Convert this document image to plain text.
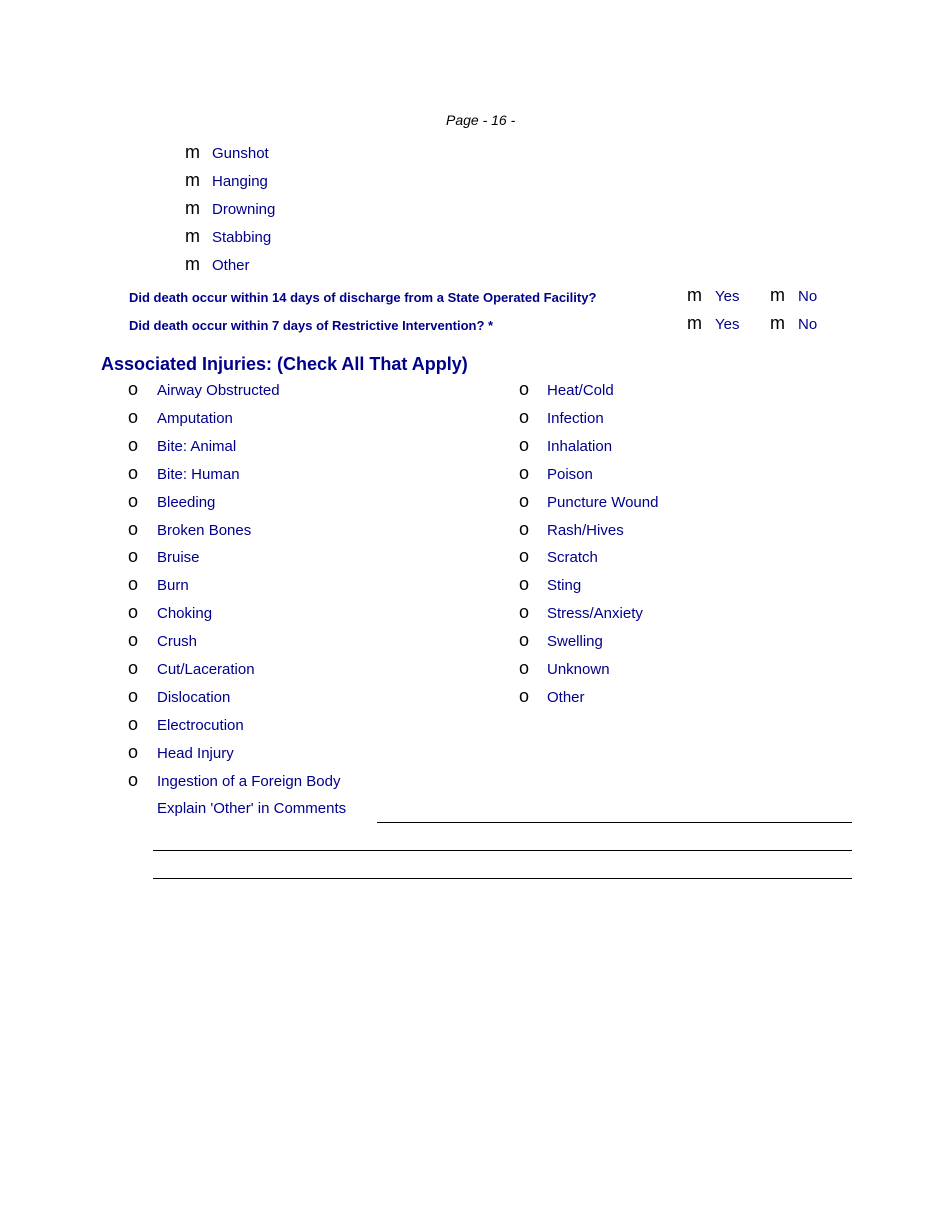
Page - 16 -
m Gunshot
m Hanging
m Drowning
m Stabbing
m Other
Did death occur within 14 days of discharge from a State Operated Facility?	m Yes m No
Did death occur within 7 days of Restrictive Intervention? *	m Yes m No
Associated Injuries: (Check All That Apply)
o Airway Obstructed
o Amputation
o Bite: Animal
o Bite: Human
o Bleeding
o Broken Bones
o Bruise
o Burn
o Choking
o Crush
o Cut/Laceration
o Dislocation
o Electrocution
o Head Injury
o Ingestion of a Foreign Body
o Heat/Cold
o Infection
o Inhalation
o Poison
o Puncture Wound
o Rash/Hives
o Scratch
o Sting
o Stress/Anxiety
o Swelling
o Unknown
o Other
Explain 'Other' in Comments
